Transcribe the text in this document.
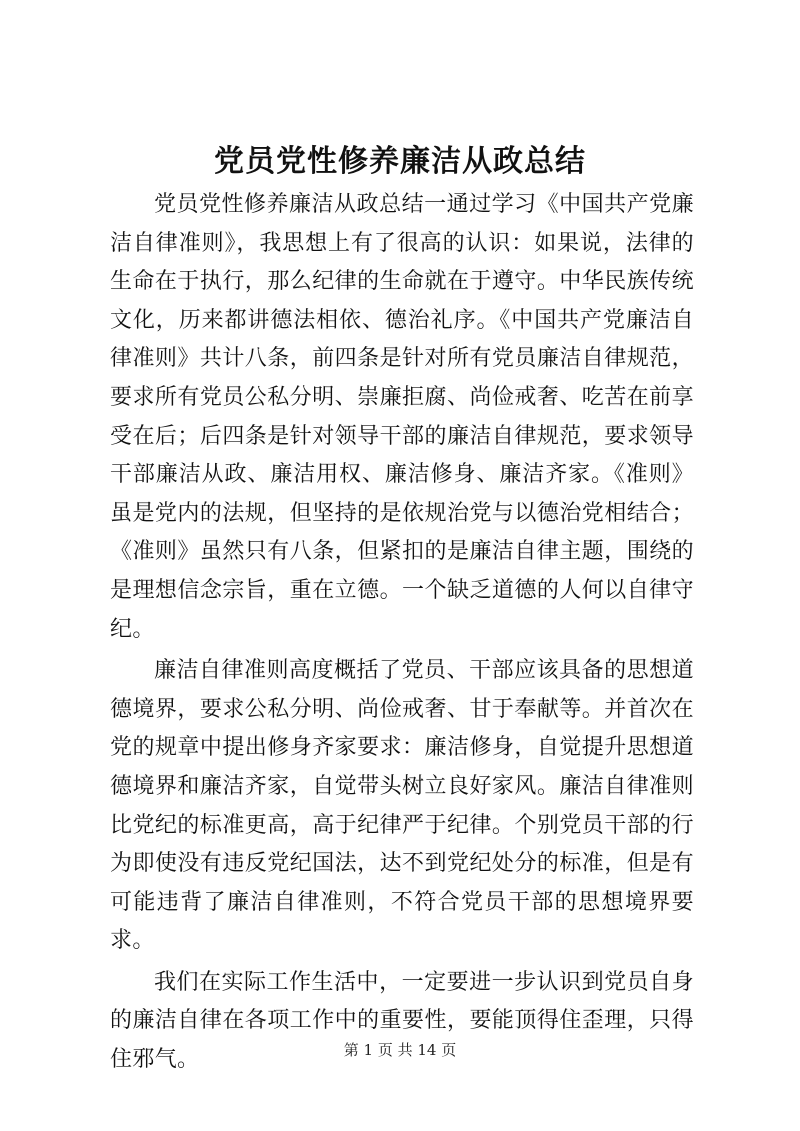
党员党性修养廉洁从政总结

党员党性修养廉洁从政总结一通过学习《中国共产党廉洁自律准则》，我思想上有了很高的认识：如果说，法律的生命在于执行，那么纪律的生命就在于遵守。中华民族传统文化，历来都讲德法相依、德治礼序。《中国共产党廉洁自律准则》共计八条，前四条是针对所有党员廉洁自律规范，要求所有党员公私分明、崇廉拒腐、尚俭戒奢、吃苦在前享受在后；后四条是针对领导干部的廉洁自律规范，要求领导干部廉洁从政、廉洁用权、廉洁修身、廉洁齐家。《准则》虽是党内的法规，但坚持的是依规治党与以德治党相结合；《准则》虽然只有八条，但紧扣的是廉洁自律主题，围绕的是理想信念宗旨，重在立德。一个缺乏道德的人何以自律守纪。

廉洁自律准则高度概括了党员、干部应该具备的思想道德境界，要求公私分明、尚俭戒奢、甘于奉献等。并首次在党的规章中提出修身齐家要求：廉洁修身，自觉提升思想道德境界和廉洁齐家，自觉带头树立良好家风。廉洁自律准则比党纪的标准更高，高于纪律严于纪律。个别党员干部的行为即使没有违反党纪国法，达不到党纪处分的标准，但是有可能违背了廉洁自律准则，不符合党员干部的思想境界要求。

我们在实际工作生活中，一定要进一步认识到党员自身的廉洁自律在各项工作中的重要性，要能顶得住歪理，只得住邪气。	第 1 页 共 14 页
